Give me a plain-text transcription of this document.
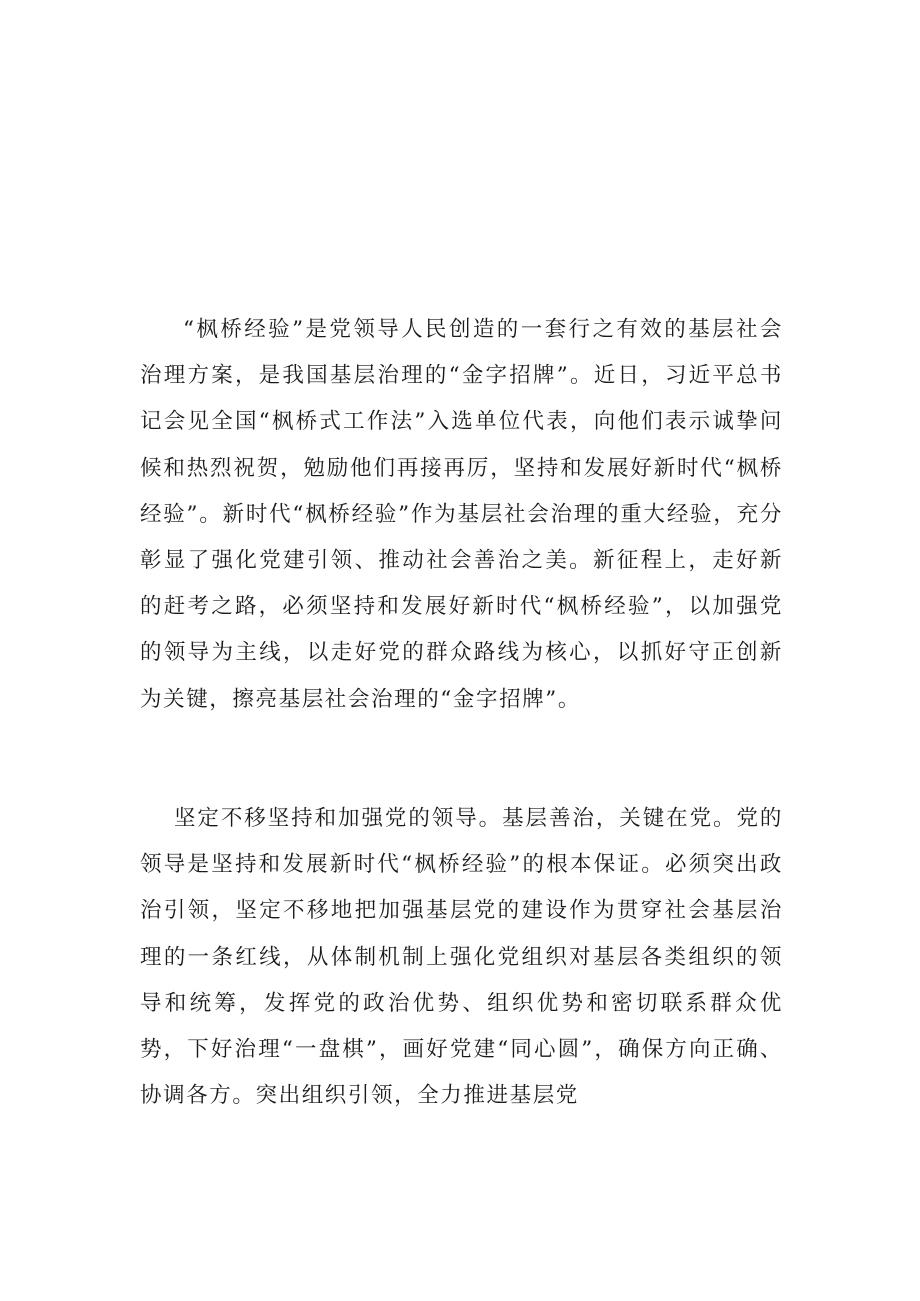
“枫桥经验”是党领导人民创造的一套行之有效的基层社会治理方案，是我国基层治理的“金字招牌”。近日，习近平总书记会见全国“枫桥式工作法”入选单位代表，向他们表示诚挚问候和热烈祝贺，勉励他们再接再厉，坚持和发展好新时代“枫桥经验”。新时代“枫桥经验”作为基层社会治理的重大经验，充分彰显了强化党建引领、推动社会善治之美。新征程上，走好新的赶考之路，必须坚持和发展好新时代“枫桥经验”，以加强党的领导为主线，以走好党的群众路线为核心，以抓好守正创新为关键，擦亮基层社会治理的“金字招牌”。

坚定不移坚持和加强党的领导。基层善治，关键在党。党的领导是坚持和发展新时代“枫桥经验”的根本保证。必须突出政治引领，坚定不移地把加强基层党的建设作为贯穿社会基层治理的一条红线，从体制机制上强化党组织对基层各类组织的领导和统筹，发挥党的政治优势、组织优势和密切联系群众优势，下好治理“一盘棋”，画好党建“同心圆”，确保方向正确、协调各方。突出组织引领，全力推进基层党
